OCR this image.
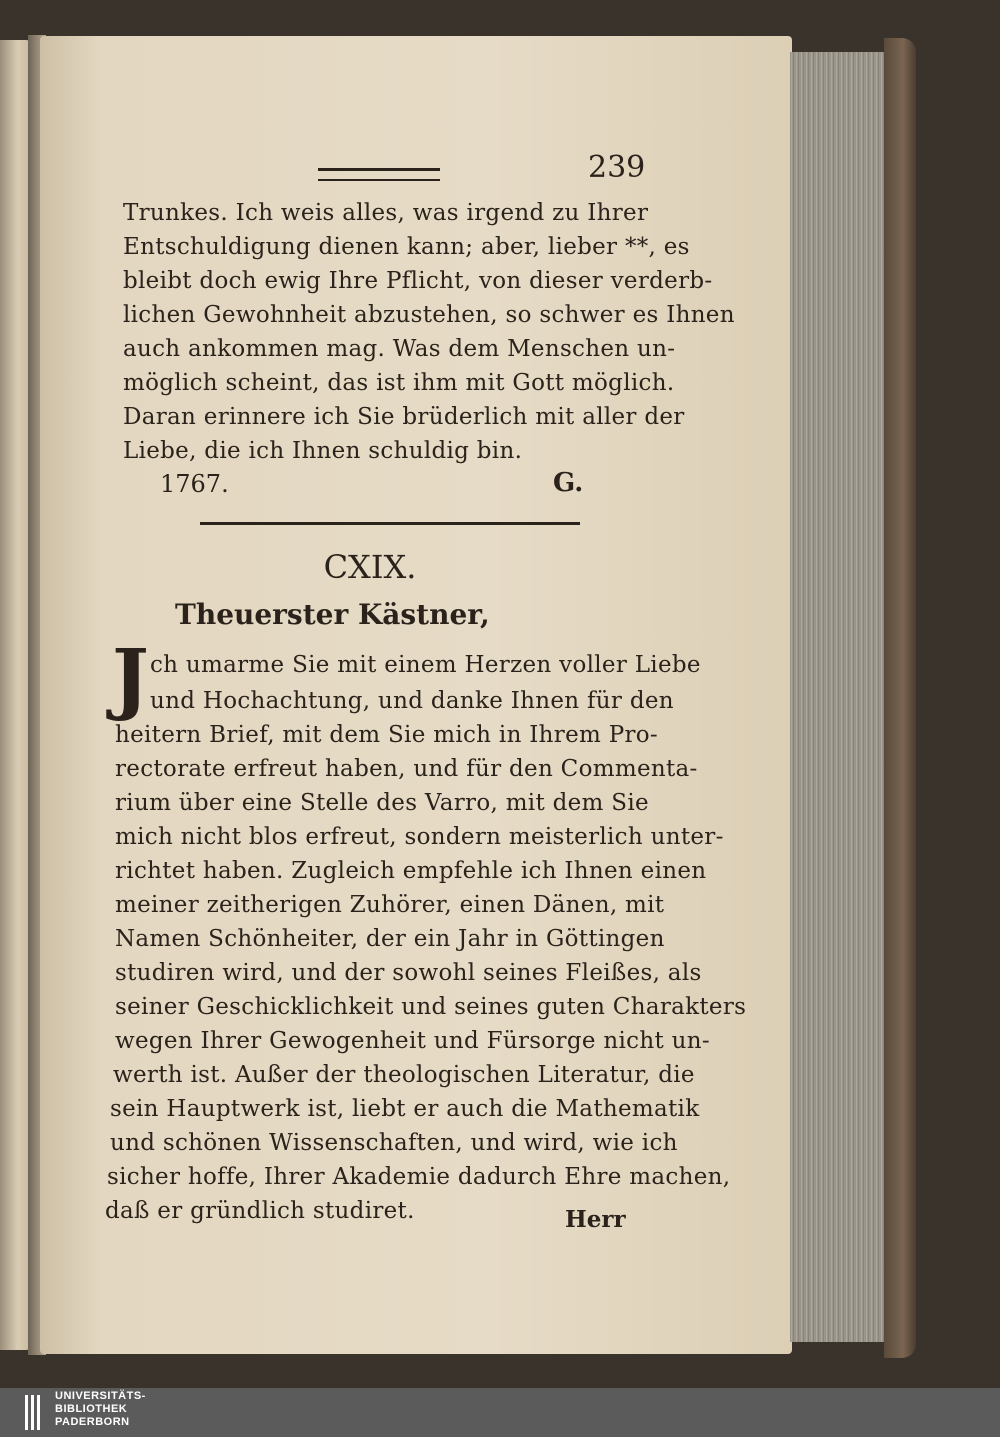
239
Trunkes. Ich weis alles, was irgend zu Ihrer
Entschuldigung dienen kann; aber, lieber **, es
bleibt doch ewig Ihre Pflicht, von dieser verderb-
lichen Gewohnheit abzustehen, so schwer es Ihnen
auch ankommen mag. Was dem Menschen un-
möglich scheint, das ist ihm mit Gott möglich.
Daran erinnere ich Sie brüderlich mit aller der
Liebe, die ich Ihnen schuldig bin.
1767.	G.
CXIX.
Theuerster Kästner,
J ch umarme Sie mit einem Herzen voller Liebe
und Hochachtung, und danke Ihnen für den
heitern Brief, mit dem Sie mich in Ihrem Pro-
rectorate erfreut haben, und für den Commenta-
rium über eine Stelle des Varro, mit dem Sie
mich nicht blos erfreut, sondern meisterlich unter-
richtet haben. Zugleich empfehle ich Ihnen einen
meiner zeitherigen Zuhörer, einen Dänen, mit
Namen Schönheiter, der ein Jahr in Göttingen
studiren wird, und der sowohl seines Fleißes, als
seiner Geschicklichkeit und seines guten Charakters
wegen Ihrer Gewogenheit und Fürsorge nicht un-
werth ist. Außer der theologischen Literatur, die
sein Hauptwerk ist, liebt er auch die Mathematik
und schönen Wissenschaften, und wird, wie ich
sicher hoffe, Ihrer Akademie dadurch Ehre machen,
daß er gründlich studiret.	Herr
UNIVERSITÄTS-
BIBLIOTHEK
PADERBORN
